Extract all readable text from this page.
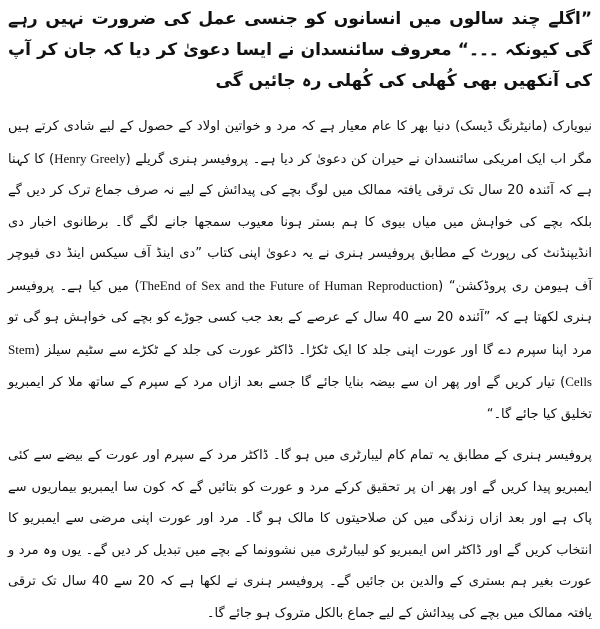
”اگلے چند سالوں میں انسانوں کو جنسی عمل کی ضرورت نہیں رہے گی کیونکہ ۔۔۔“ معروف سائنسدان نے ایسا دعویٰ کر دیا کہ جان کر آپ کی آنکھیں بھی کُھلی کی کُھلی رہ جائیں گی

نیویارک (مانیٹرنگ ڈیسک) دنیا بھر کا عام معیار ہے کہ مرد و خواتین اولاد کے حصول کے لیے شادی کرتے ہیں مگر اب ایک امریکی سائنسدان نے حیران کن دعویٰ کر دیا ہے۔ پروفیسر ہنری گریلے (Henry Greely) کا کہنا ہے کہ آئندہ 20 سال تک ترقی یافتہ ممالک میں لوگ بچے کی پیدائش کے لیے نہ صرف جماع ترک کر دیں گے بلکہ بچے کی خواہش میں میاں بیوی کا ہم بستر ہونا معیوب سمجھا جانے لگے گا۔ برطانوی اخبار دی انڈیپنڈنٹ کی رپورٹ کے مطابق پروفیسر ہنری نے یہ دعویٰ اپنی کتاب ”دی اینڈ آف سیکس اینڈ دی فیوچر آف ہیومن ری پروڈکشن“ (TheEnd of Sex and the Future of Human Reproduction) میں کیا ہے۔ پروفیسر ہنری لکھتا ہے کہ ”آئندہ 20 سے 40 سال کے عرصے کے بعد جب کسی جوڑے کو بچے کی خواہش ہو گی تو مرد اپنا سپرم دے گا اور عورت اپنی جلد کا ایک ٹکڑا۔ ڈاکٹر عورت کی جلد کے ٹکڑے سے سٹیم سیلز (Stem Cells) تیار کریں گے اور پھر ان سے بیضہ بنایا جائے گا جسے بعد ازاں مرد کے سپرم کے ساتھ ملا کر ایمبریو تخلیق کیا جائے گا۔“

پروفیسر ہنری کے مطابق یہ تمام کام لیبارٹری میں ہو گا۔ ڈاکٹر مرد کے سپرم اور عورت کے بیضے سے کئی ایمبریو پیدا کریں گے اور پھر ان پر تحقیق کرکے مرد و عورت کو بتائیں گے کہ کون سا ایمبریو بیماریوں سے پاک ہے اور بعد ازاں زندگی میں کن صلاحیتوں کا مالک ہو گا۔ مرد اور عورت اپنی مرضی سے ایمبریو کا انتخاب کریں گے اور ڈاکٹر اس ایمبریو کو لیبارٹری میں نشوونما کے بچے میں تبدیل کر دیں گے۔ یوں وہ مرد و عورت بغیر ہم بستری کے والدین بن جائیں گے۔ پروفیسر ہنری نے لکھا ہے کہ 20 سے 40 سال تک ترقی یافتہ ممالک میں بچے کی پیدائش کے لیے جماع بالکل متروک ہو جائے گا۔
